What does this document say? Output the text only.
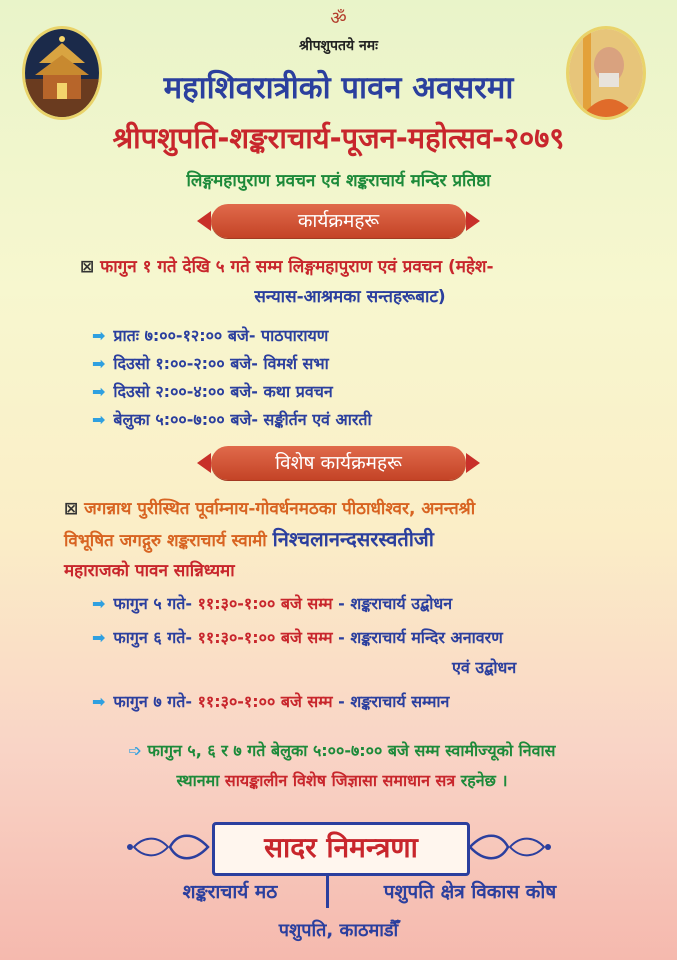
ॐ
श्रीपशुपतये नमः
महाशिवरात्रीको पावन अवसरमा
श्रीपशुपति-शङ्कराचार्य-पूजन-महोत्सव-२०७९
लिङ्गमहापुराण प्रवचन एवं शङ्कराचार्य मन्दिर प्रतिष्ठा
कार्यक्रमहरू
⊠ फागुन १ गते देखि ५ गते सम्म लिङ्गमहापुराण एवं प्रवचन (महेश-
सन्यास-आश्रमका सन्तहरूबाट)
➡ प्रातः ७:००-१२:०० बजे- पाठपारायण
➡ दिउसो १:००-२:०० बजे- विमर्श सभा
➡ दिउसो २:००-४:०० बजे- कथा प्रवचन
➡ बेलुका ५:००-७:०० बजे- सङ्कीर्तन एवं आरती
विशेष कार्यक्रमहरू
⊠ जगन्नाथ पुरीस्थित पूर्वाम्नाय-गोवर्धनमठका पीठाधीश्वर, अनन्तश्री
विभूषित जगद्गुरु शङ्कराचार्य स्वामी निश्चलानन्दसरस्वतीजी
महाराजको पावन सान्निध्यमा
➡ फागुन ५ गते- ११:३०-१:०० बजे सम्म - शङ्कराचार्य उद्बोधन
➡ फागुन ६ गते- ११:३०-१:०० बजे सम्म - शङ्कराचार्य मन्दिर अनावरण
एवं उद्बोधन
➡ फागुन ७ गते- ११:३०-१:०० बजे सम्म - शङ्कराचार्य सम्मान
➩ फागुन ५, ६ र ७ गते बेलुका ५:००-७:०० बजे सम्म स्वामीज्यूको निवास
स्थानमा सायङ्कालीन विशेष जिज्ञासा समाधान सत्र रहनेछ ।
सादर निमन्त्रणा
शङ्कराचार्य मठ	पशुपति क्षेत्र विकास कोष
पशुपति, काठमाडौँ
